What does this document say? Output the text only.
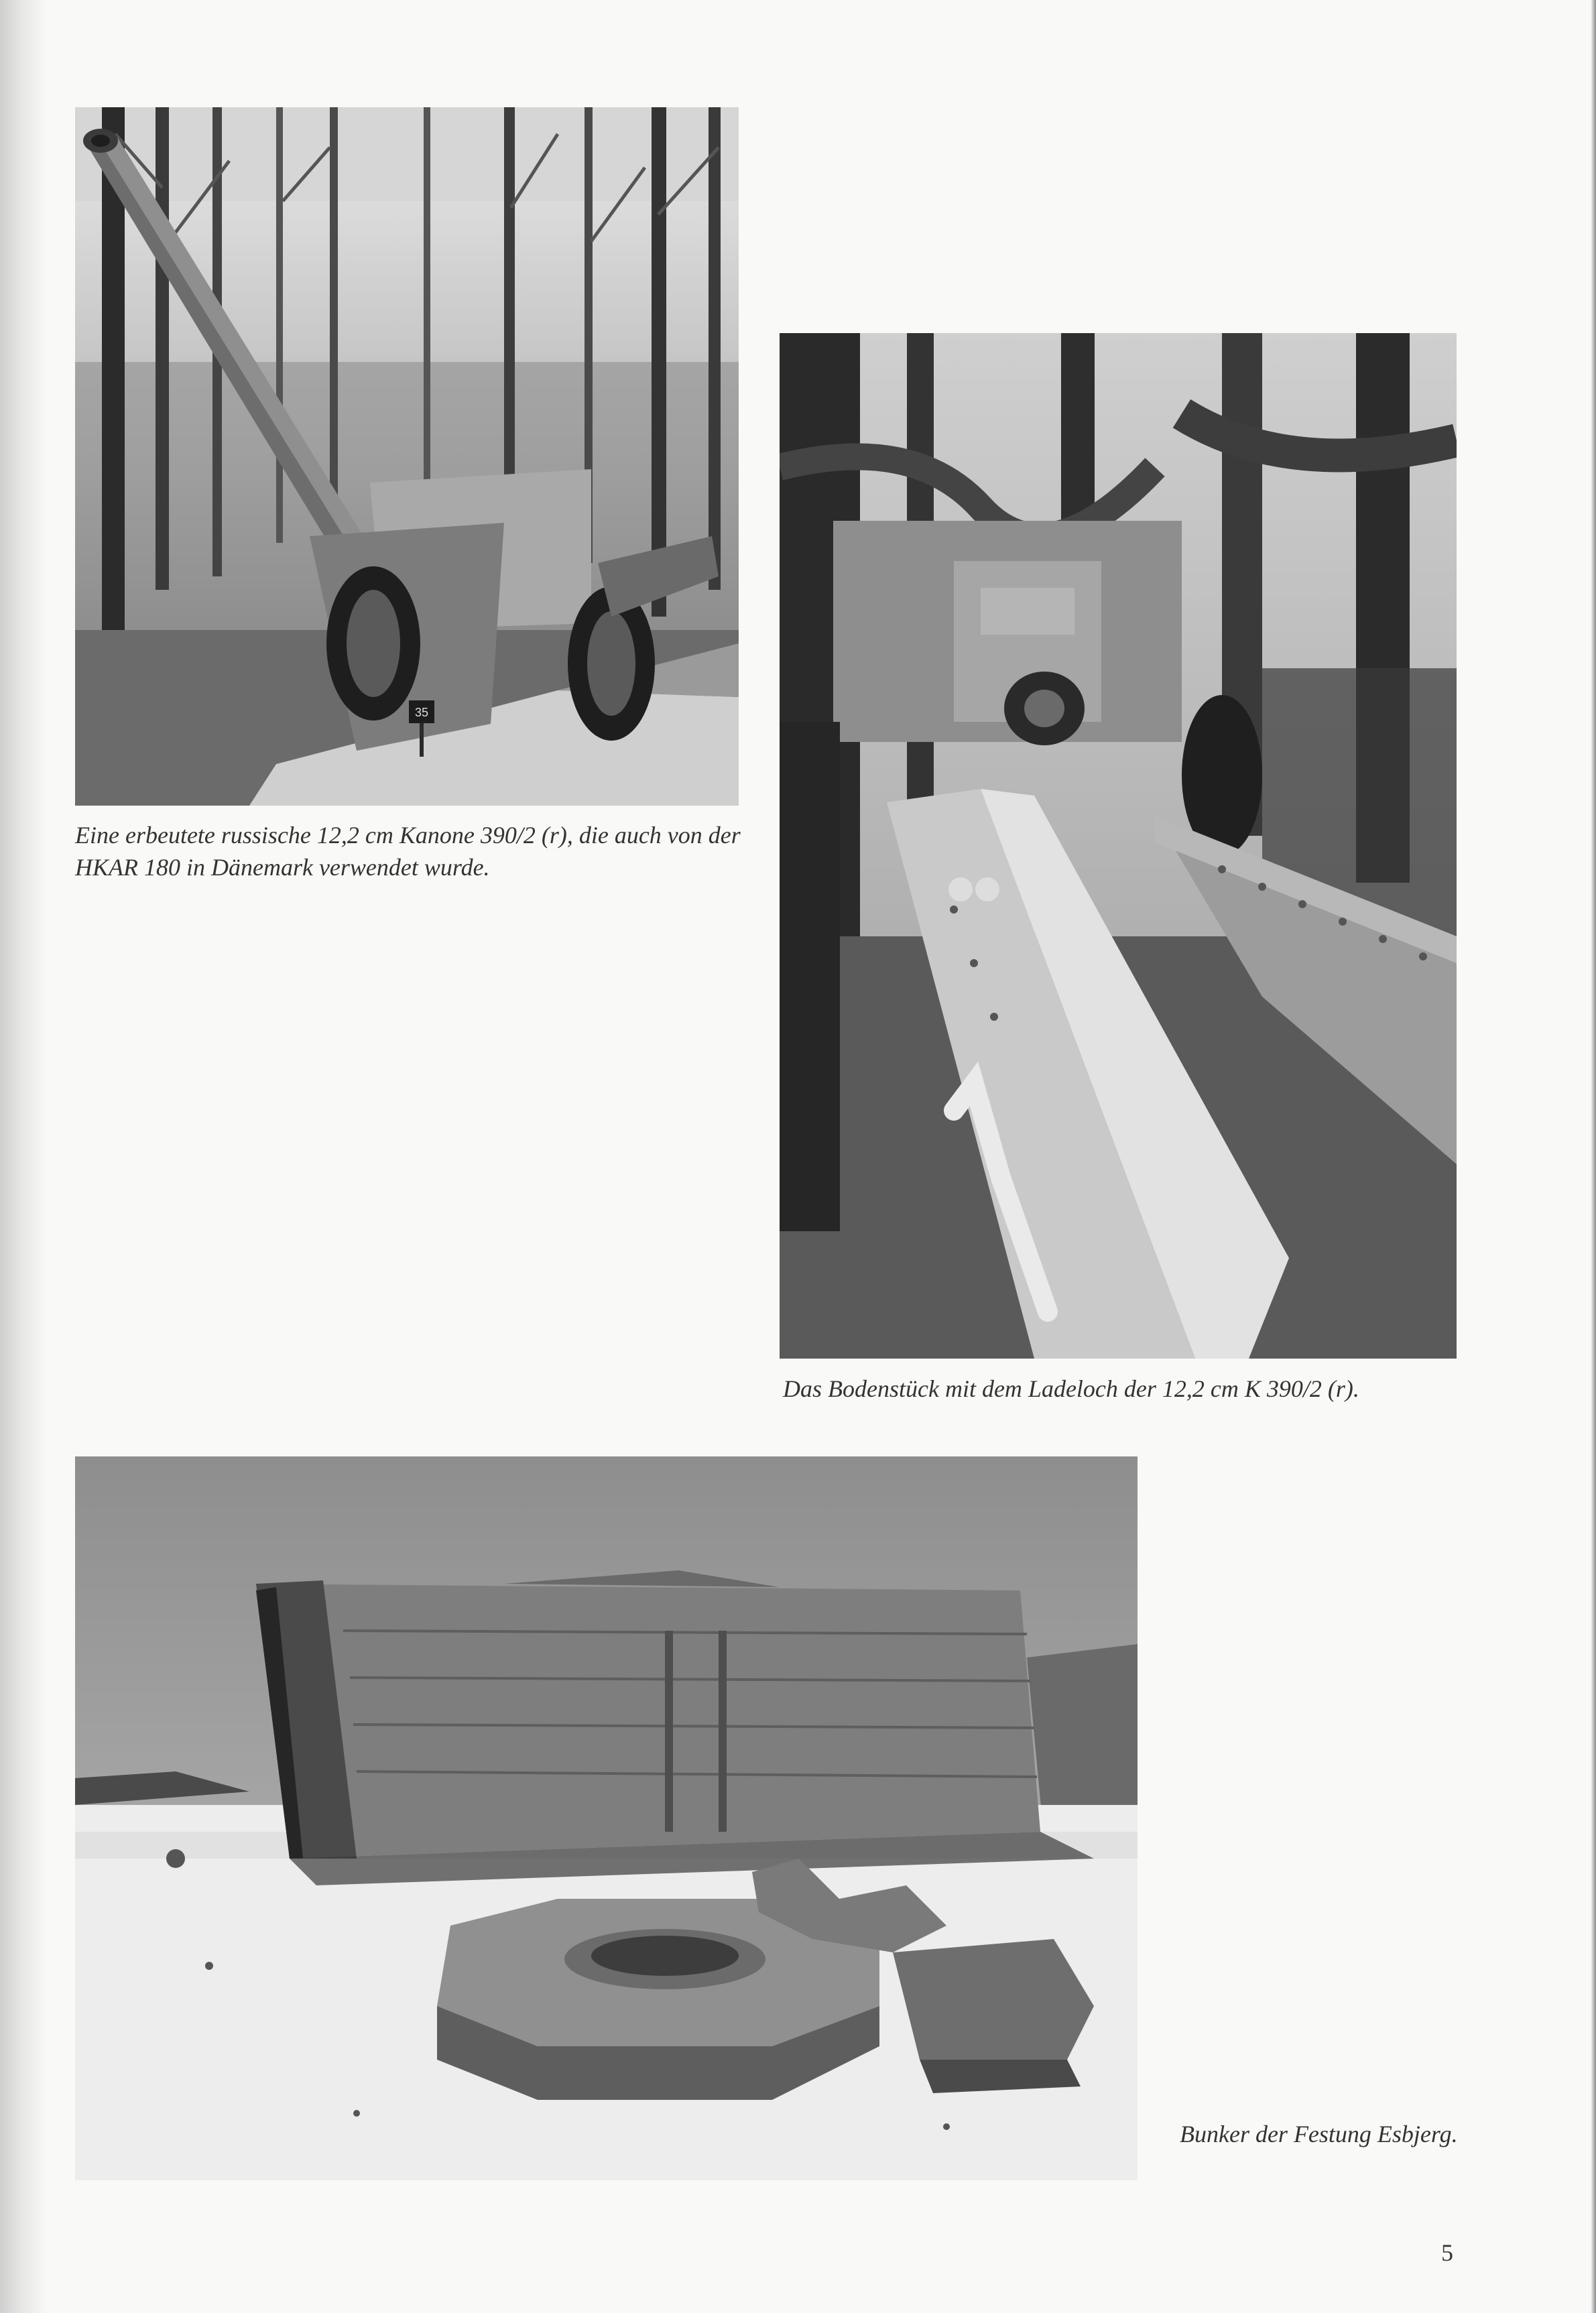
35

Eine erbeutete russische 12,2 cm Kanone 390/2 (r), die auch von der HKAR 180 in Dänemark verwendet wurde.

Das Bodenstück mit dem Ladeloch der 12,2 cm K 390/2 (r).

Bunker der Festung Esbjerg.

5
